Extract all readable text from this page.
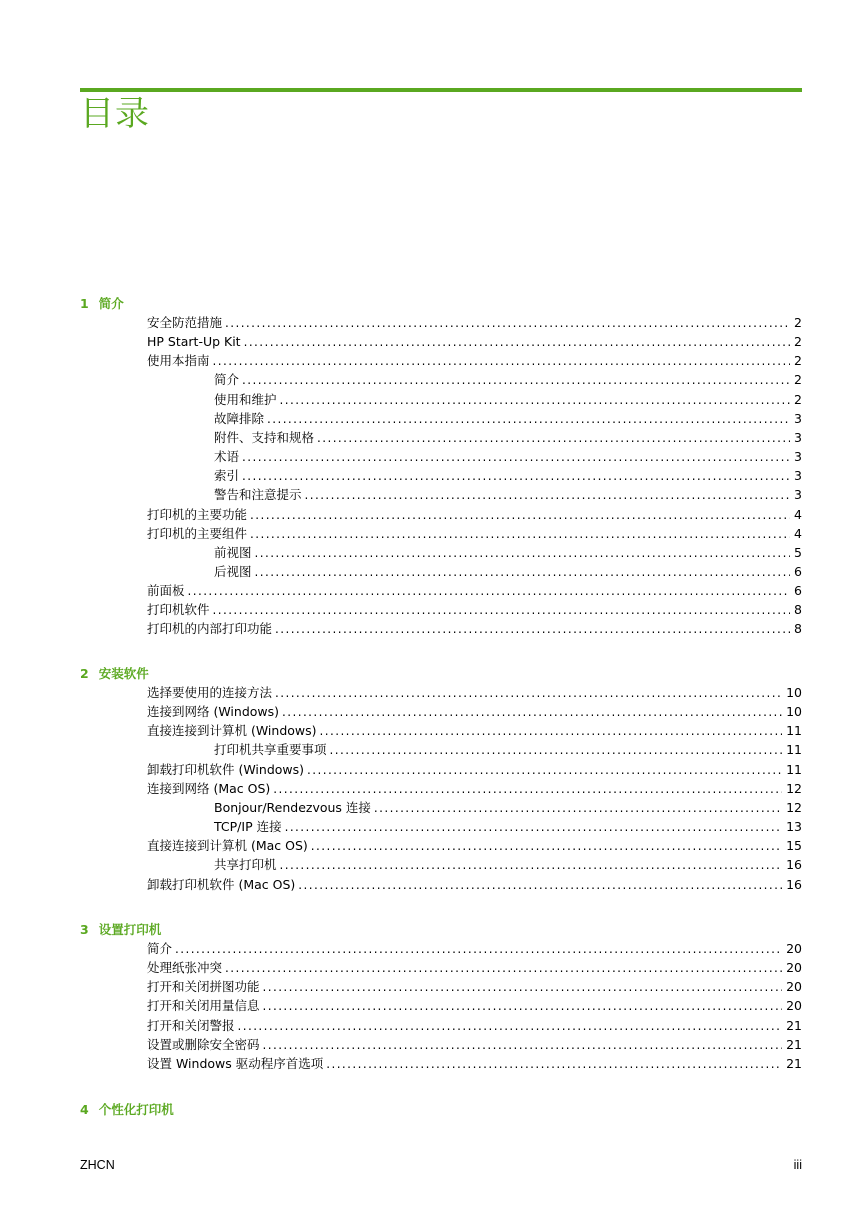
目录
1 简介
安全防范措施 . . .	2
HP Start-Up Kit . . .	2
使用本指南 . . .	2
简介 . . .	2
使用和维护 . . .	2
故障排除 . . .	3
附件、支持和规格 . . .	3
术语 . . .	3
索引 . . .	3
警告和注意提示 . . .	3
打印机的主要功能 . . .	4
打印机的主要组件 . . .	4
前视图 . . .	5
后视图 . . .	6
前面板 . . .	6
打印机软件 . . .	8
打印机的内部打印功能 . . .	8
2 安装软件
选择要使用的连接方法 . . .	10
连接到网络 (Windows) . . .	10
直接连接到计算机 (Windows) . . .	11
打印机共享重要事项 . . .	11
卸载打印机软件 (Windows) . . .	11
连接到网络 (Mac OS) . . .	12
Bonjour/Rendezvous 连接 . . .	12
TCP/IP 连接 . . .	13
直接连接到计算机 (Mac OS) . . .	15
共享打印机 . . .	16
卸载打印机软件 (Mac OS) . . .	16
3 设置打印机
简介 . . .	20
处理纸张冲突 . . .	20
打开和关闭拼图功能 . . .	20
打开和关闭用量信息 . . .	20
打开和关闭警报 . . .	21
设置或删除安全密码 . . .	21
设置 Windows 驱动程序首选项 . . .	21
4 个性化打印机
ZHCN	iii
